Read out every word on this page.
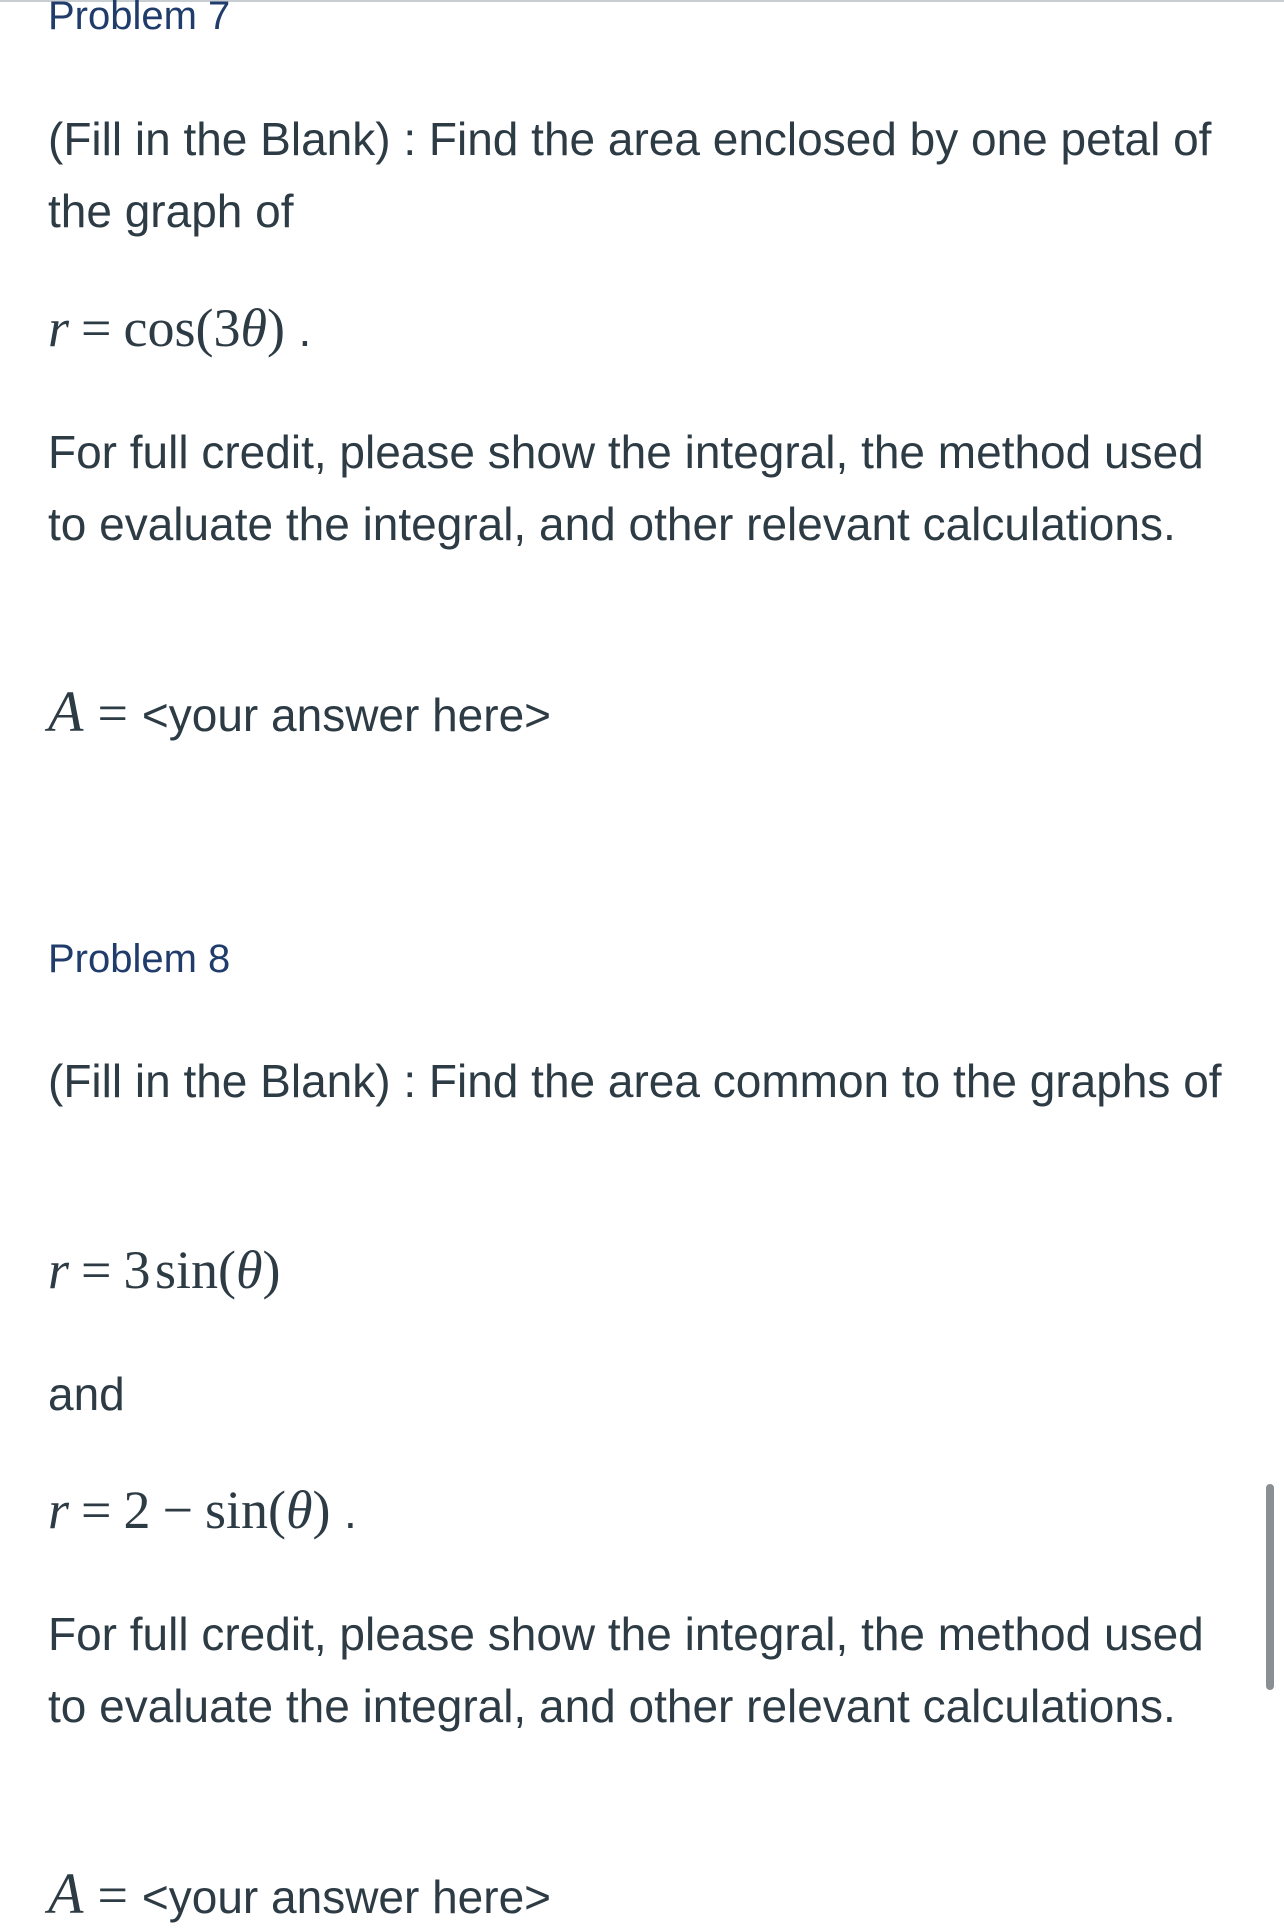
Problem 7

(Fill in the Blank) : Find the area enclosed by one petal of the graph of

r = cos(3θ) .

For full credit, please show the integral, the method used to evaluate the integral, and other relevant calculations.

A = <your answer here>
Problem 8

(Fill in the Blank) : Find the area common to the graphs of

r = 3 sin(θ)
and
r = 2 − sin(θ) .

For full credit, please show the integral, the method used to evaluate the integral, and other relevant calculations.

A = <your answer here>
